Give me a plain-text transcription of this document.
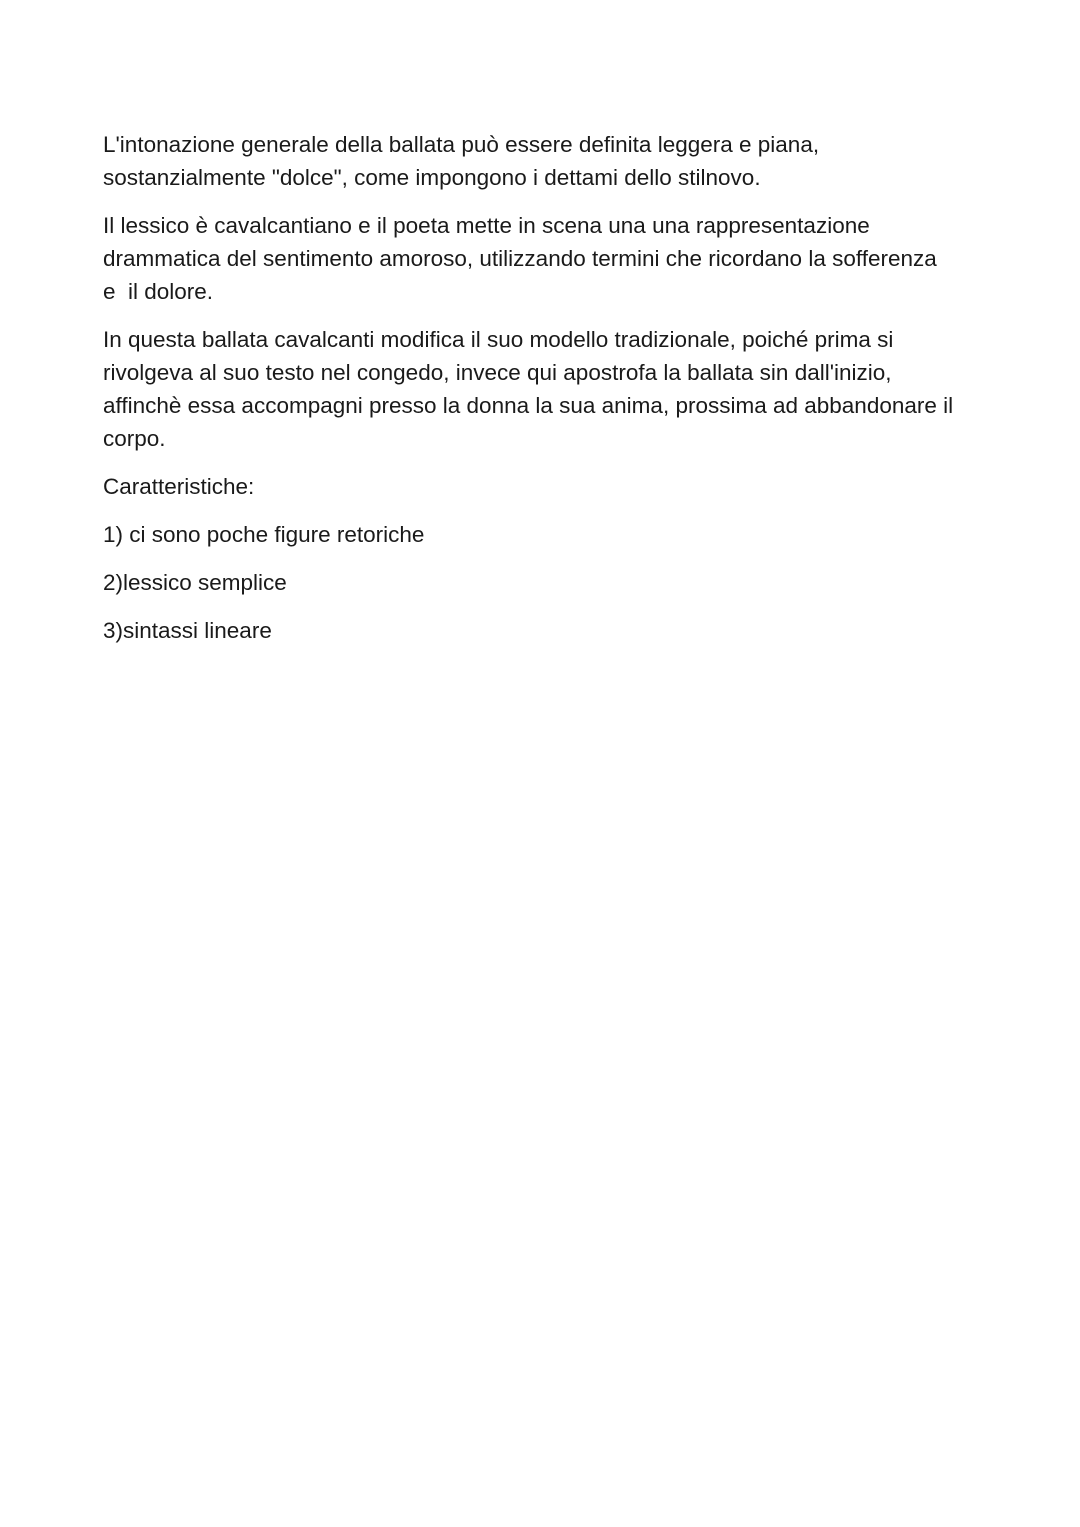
L'intonazione generale della ballata può essere definita leggera e piana,
sostanzialmente "dolce", come impongono i dettami dello stilnovo.

Il lessico è cavalcantiano e il poeta mette in scena una una rappresentazione
drammatica del sentimento amoroso, utilizzando termini che ricordano la sofferenza
e  il dolore.

In questa ballata cavalcanti modifica il suo modello tradizionale, poiché prima si
rivolgeva al suo testo nel congedo, invece qui apostrofa la ballata sin dall'inizio,
affinchè essa accompagni presso la donna la sua anima, prossima ad abbandonare il
corpo.

Caratteristiche:

1) ci sono poche figure retoriche

2)lessico semplice

3)sintassi lineare
